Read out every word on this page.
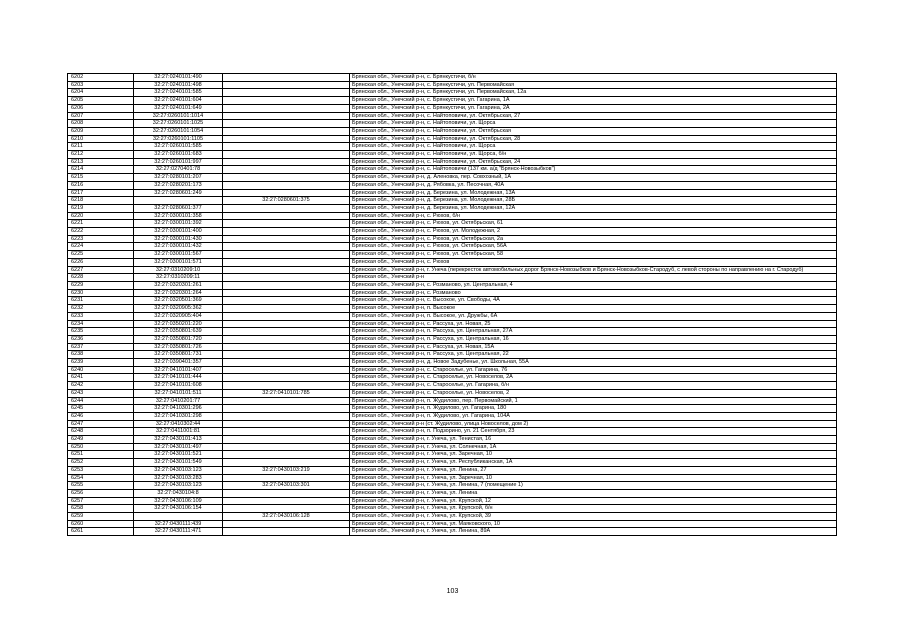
6202	32:27:0240101:490		Брянская обл., Унечский р-н, с. Брянкустичи, б/н
6203	32:27:0240101:498		Брянская обл., Унечский р-н, с. Брянкустичи, ул. Первомайская
6204	32:27:0240101:585		Брянская обл., Унечский р-н, с. Брянкустичи, ул. Первомайская, 12а
6205	32:27:0240101:604		Брянская обл., Унечский р-н, с. Брянкустичи, ул. Гагарина, 1А
6206	32:27:0240101:649		Брянская обл., Унечский р-н, с. Брянкустичи, ул. Гагарина, 2А
6207	32:27:0260101:1014		Брянская обл., Унечский р-н, с. Найтоповичи, ул. Октябрьская, 27
6208	32:27:0260101:1025		Брянская обл., Унечский р-н, с. Найтоповичи, ул. Щорса
6209	32:27:0260101:1054		Брянская обл., Унечский р-н, с. Найтоповичи, ул. Октябрьская
6210	32:27:0260101:1105		Брянская обл., Унечский р-н, с. Найтоповичи, ул. Октябрьская, 28
6211	32:27:0260101:585		Брянская обл., Унечский р-н, с. Найтоповичи, ул. Щорса
6212	32:27:0260101:683		Брянская обл., Унечский р-н, с. Найтоповичи, ул. Щорса, б/н
6213	32:27:0260101:997		Брянская обл., Унечский р-н, с. Найтоповичи, ул. Октябрьская, 24
6214	32:27:0270401:78		Брянская обл., Унечский р-н, с. Найтоповичи (137 км. а/д "Брянск-Новозыбков")
6215	32:27:0280101:207		Брянская обл., Унечский р-н, д. Аленовка, пер. Совхозный, 1А
6216	32:27:0280201:173		Брянская обл., Унечский р-н, д. Рябовка, ул. Песочная, 40А
6217	32:27:0280601:249		Брянская обл., Унечский р-н, д. Березина, ул. Молодежная, 13А
6218		32:27:0280601:375	Брянская обл., Унечский р-н, д. Березина, ул. Молодежная, 28Б
6219	32:27:0280601:377		Брянская обл., Унечский р-н, д. Березина, ул. Молодежная, 12А
6220	32:27:0300101:358		Брянская обл., Унечский р-н, с. Рюхов, б/н
6221	32:27:0300101:392		Брянская обл., Унечский р-н, с. Рюхов, ул. Октябрьская, 61
6222	32:27:0300101:400		Брянская обл., Унечский р-н, с. Рюхов, ул. Молодежная, 2
6223	32:27:0300101:430		Брянская обл., Унечский р-н, с. Рюхов, ул. Октябрьская, 2а
6224	32:27:0300101:432		Брянская обл., Унечский р-н, с. Рюхов, ул. Октябрьская, 56А
6225	32:27:0300101:567		Брянская обл., Унечский р-н, с. Рюхов, ул. Октябрьская, 58
6226	32:27:0300101:571		Брянская обл., Унечский р-н, с. Рюхов
6227	32:27:0310209:10		Брянская обл., Унечский р-н, г. Унеча (перекресток автомобильных дорог Брянск-Новозыбков и Брянск-Новозыбков-Стародуб, с левой стороны по направлению на г. Стародуб)
6228	32:27:0310209:11		Брянская обл., Унечский р-н
6229	32:27:0320301:261		Брянская обл., Унечский р-н, с. Розманово, ул. Центральная, 4
6230	32:27:0320301:264		Брянская обл., Унечский р-н, с. Розманово
6231	32:27:0320501:369		Брянская обл., Унечский р-н, с. Высокое, ул. Свободы, 4А
6232	32:27:0320905:362		Брянская обл., Унечский р-н, п. Высокое
6233	32:27:0320905:404		Брянская обл., Унечский р-н, п. Высокое, ул. Дружбы, 6А
6234	32:27:0350201:220		Брянская обл., Унечский р-н, с. Рассуха, ул. Новая, 25
6235	32:27:0350801:639		Брянская обл., Унечский р-н, п. Рассуха, ул. Центральная, 27А
6236	32:27:0350801:720		Брянская обл., Унечский р-н, п. Рассуха, ул. Центральная, 16
6237	32:27:0350801:726		Брянская обл., Унечский р-н, с. Рассуха, ул. Новая, 15А
6238	32:27:0350801:731		Брянская обл., Унечский р-н, п. Рассуха, ул. Центральная, 22
6239	32:27:0390401:357		Брянская обл., Унечский р-н, д. Новое Задубенье, ул. Школьная, 55А
6240	32:27:0410101:407		Брянская обл., Унечский р-н, с. Старосельe, ул. Гагарина, 76
6241	32:27:0410101:444		Брянская обл., Унечский р-н, с. Старосельe, ул. Новоселов, 2А
6242	32:27:0410101:608		Брянская обл., Унечский р-н, с. Старосельe, ул. Гагарина, б/н
6243	32:27:0410101:511	32:27:0410101:785	Брянская обл., Унечский р-н, с. Старосельe, ул. Новоселов, 2
6244	32:27:0410201:77		Брянская обл., Унечский р-н, п. Жудилово, пер. Первомайский, 1
6245	32:27:0410301:296		Брянская обл., Унечский р-н, п. Жудилово, ул. Гагарина, 180
6246	32:27:0410301:298		Брянская обл., Унечский р-н, п. Жудилово, ул. Гагарина, 104А
6247	32:27:0410302:44		Брянская обл., Унечский р-н (ст. Жудилово, улица Новоселов, дом 2)
6248	32:27:0411001:81		Брянская обл., Унечский р-н, п. Подзорино, ул. 21 Сентября, 23
6249	32:27:0430101:413		Брянская обл., Унечский р-н, г. Унеча, ул. Тенистая, 16
6250	32:27:0430101:497		Брянская обл., Унечский р-н, г. Унеча, ул. Солнечная, 1А
6251	32:27:0430101:521		Брянская обл., Унечский р-н, г. Унеча, ул. Заречная, 10
6252	32:27:0430101:549		Брянская обл., Унечский р-н, г. Унеча, ул. Республиканская, 1А
6253	32:27:0430103:123	32:27:0430103:219	Брянская обл., Унечский р-н, г. Унеча, ул. Ленина, 27
6254	32:27:0430103:283		Брянская обл., Унечский р-н, г. Унеча, ул. Заречная, 10
6255	32:27:0430103:123	32:27:0430103:301	Брянская обл., Унечский р-н, г. Унеча, ул. Ленина, 7 (помещение 1)
6256	32:27:0430104:8		Брянская обл., Унечский р-н, г. Унеча, ул. Ленина
6257	32:27:0430106:109		Брянская обл., Унечский р-н, г. Унеча, ул. Крупской, 12
6258	32:27:0430106:154		Брянская обл., Унечский р-н, г. Унеча, ул. Крупской, б/н
6259		32:27:0430106:128	Брянская обл., Унечский р-н, г. Унеча, ул. Крупской, 39
6260	32:27:0430111:439		Брянская обл., Унечский р-н, г. Унеча, ул. Маяковского, 10
6261	32:27:0430111:471		Брянская обл., Унечский р-н, г. Унеча, ул. Ленина, 89А
103
